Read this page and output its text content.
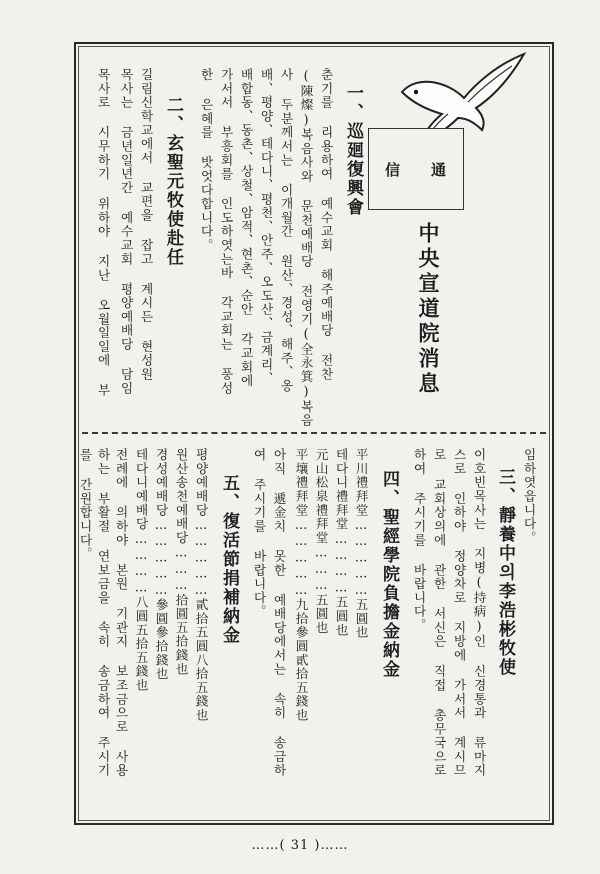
通
信
中央宣道院消息
一、巡廻復興會
춘기를 리용하여 예수교회 해주예배당 전찬
(陳燦)복음사와 문천예배당 전영기(全永箕)복음
사 두분께서는 이개월간 원산、경성、해주、옹
배、평양、테다니、평천、안주、오도산、금계리、
배합동、동촌、상철、암적、현촌、순안 각교회에
가서서 부흥회를 인도하엿는바 각교회는 풍성
한 은혜를 밧엇다합니다。
二、玄聖元牧使赴任
길림신학교에서 교편을 잡고 계시든 현성원
목사는 금년일년간 예수교회 평양예배당 담임
목사로 시무하기 위하야 지난 오월일일에 부
임하엿읍니다。
三、靜養中의李浩彬牧使
이호빈목사는 지병(持病)인 신경통과 류마지
스로 인하야 정양차로 지방에 가서서 계시므
로 교회상의에 관한 서신은 직접 총무국으로
하여 주시기를 바랍니다。
四、聖經學院負擔金納金
平川禮拜堂……………五圓也
테다니禮拜堂…………五圓也
元山松泉禮拜堂………五圓也
平壤禮拜堂……………九拾參圓貳拾五錢也
아직 遞金치 못한 예배당에서는 속히 송금하
여 주시기를 바랍니다。
五、復活節捐補納金
평양예배당……………貳拾五圓八拾五錢也
원산송천예배당………拾圓五拾錢也
경성예배당……………參圓參拾錢也
테다니예배당…………八圓五拾五錢也
전례에 의하야 본원 기관지 보조금으로 사용
하는 부활절 연보금을 속히 송금하여 주시기
를 간원합니다。
……( 31 )……
